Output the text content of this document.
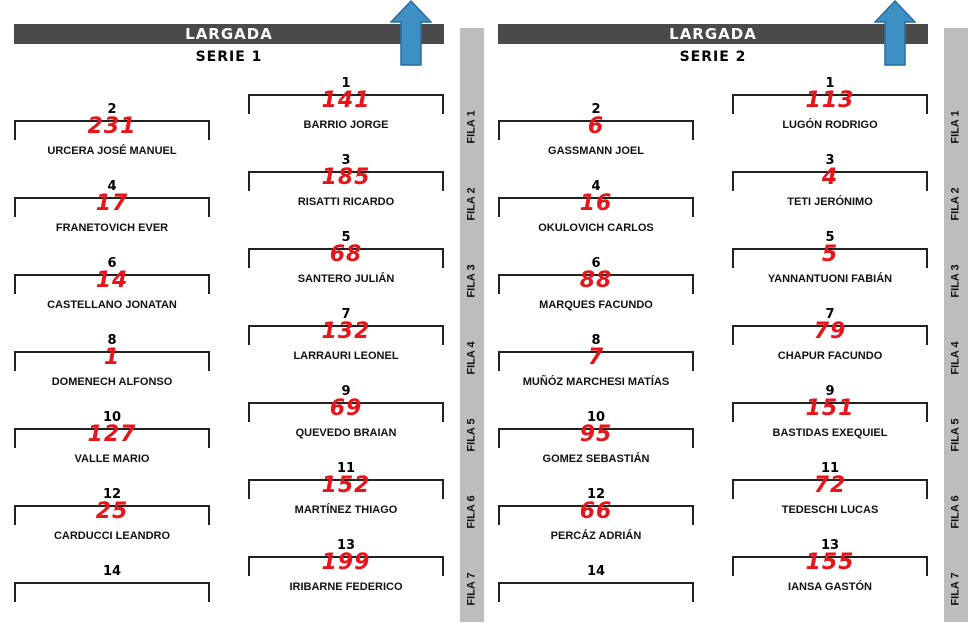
LARGADA
SERIE 1
FILA 1
FILA 2
FILA 3
FILA 4
FILA 5
FILA 6
FILA 7
1
141
BARRIO JORGE
2
231
URCERA JOSÉ MANUEL
3
185
RISATTI RICARDO
4
17
FRANETOVICH EVER
5
68
SANTERO JULIÁN
6
14
CASTELLANO JONATAN
7
132
LARRAURI LEONEL
8
1
DOMENECH ALFONSO
9
69
QUEVEDO BRAIAN
10
127
VALLE MARIO
11
152
MARTÍNEZ THIAGO
12
25
CARDUCCI LEANDRO
13
199
IRIBARNE FEDERICO
14
LARGADA
SERIE 2
FILA 1
FILA 2
FILA 3
FILA 4
FILA 5
FILA 6
FILA 7
1
113
LUGÓN RODRIGO
2
6
GASSMANN JOEL
3
4
TETI JERÓNIMO
4
16
OKULOVICH CARLOS
5
5
YANNANTUONI FABIÁN
6
88
MARQUES FACUNDO
7
79
CHAPUR FACUNDO
8
7
MUÑÓZ MARCHESI MATÍAS
9
151
BASTIDAS EXEQUIEL
10
95
GOMEZ SEBASTIÁN
11
72
TEDESCHI LUCAS
12
66
PERCÁZ ADRIÁN
13
155
IANSA GASTÓN
14
